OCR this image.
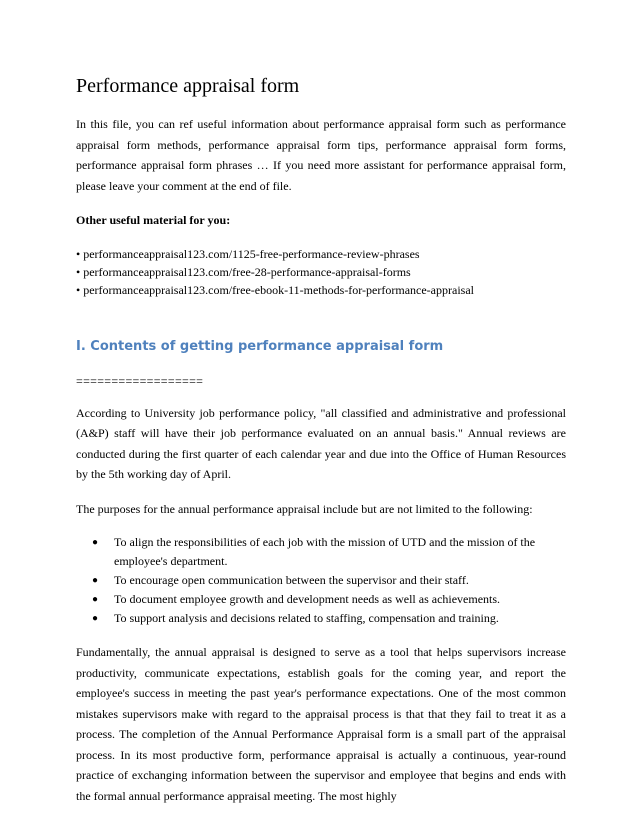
Performance appraisal form

In this file, you can ref useful information about performance appraisal form such as performance appraisal form methods, performance appraisal form tips, performance appraisal form forms, performance appraisal form phrases … If you need more assistant for performance appraisal form, please leave your comment at the end of file.

Other useful material for you:

• performanceappraisal123.com/1125-free-performance-review-phrases
• performanceappraisal123.com/free-28-performance-appraisal-forms
• performanceappraisal123.com/free-ebook-11-methods-for-performance-appraisal
I. Contents of getting performance appraisal form
==================

According to University job performance policy, "all classified and administrative and professional (A&P) staff will have their job performance evaluated on an annual basis." Annual reviews are conducted during the first quarter of each calendar year and due into the Office of Human Resources by the 5th working day of April.

The purposes for the annual performance appraisal include but are not limited to the following:

● To align the responsibilities of each job with the mission of UTD and the mission of the employee's department.
● To encourage open communication between the supervisor and their staff.
● To document employee growth and development needs as well as achievements.
● To support analysis and decisions related to staffing, compensation and training.

Fundamentally, the annual appraisal is designed to serve as a tool that helps supervisors increase productivity, communicate expectations, establish goals for the coming year, and report the employee's success in meeting the past year's performance expectations. One of the most common mistakes supervisors make with regard to the appraisal process is that that they fail to treat it as a process. The completion of the Annual Performance Appraisal form is a small part of the appraisal process. In its most productive form, performance appraisal is actually a continuous, year-round practice of exchanging information between the supervisor and employee that begins and ends with the formal annual performance appraisal meeting. The most highly
